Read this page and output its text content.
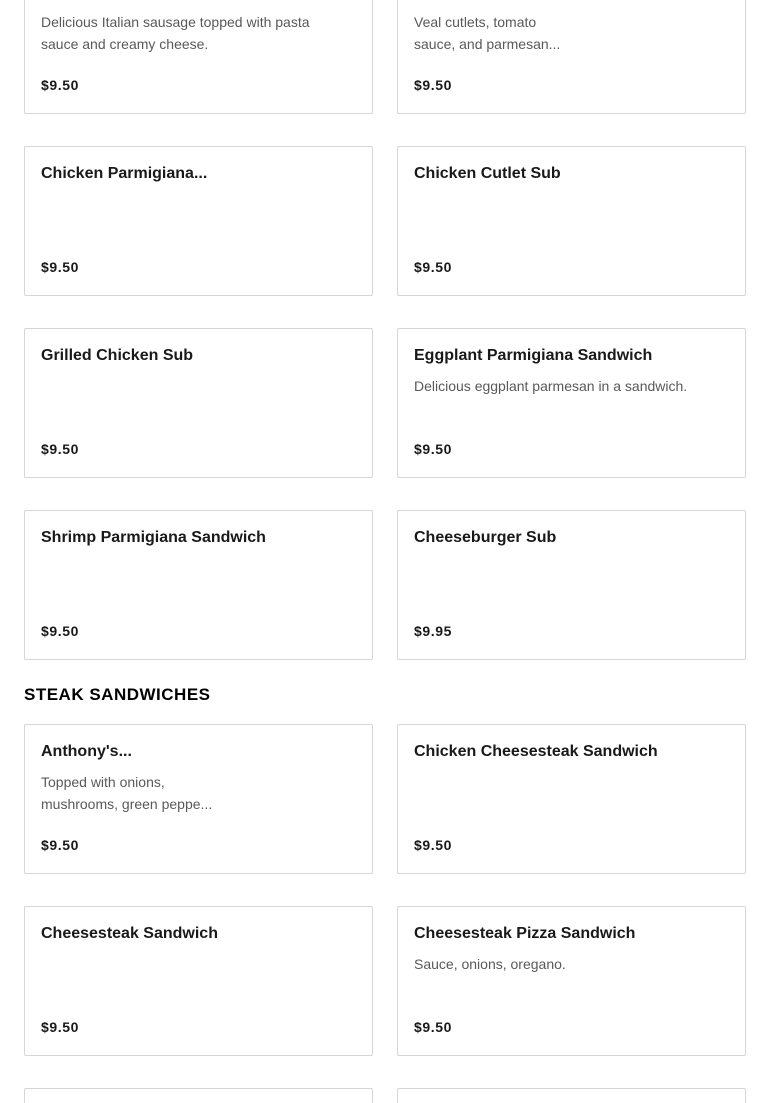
Delicious Italian sausage topped with pasta
sauce and creamy cheese.
$9.50
Veal cutlets, tomato
sauce, and parmesan...
$9.50
Chicken Parmigiana...
$9.50
Chicken Cutlet Sub
$9.50
Grilled Chicken Sub
$9.50
Eggplant Parmigiana Sandwich
Delicious eggplant parmesan in a sandwich.
$9.50
Shrimp Parmigiana Sandwich
$9.50
Cheeseburger Sub
$9.95
STEAK SANDWICHES
Anthony's...
Topped with onions,
mushrooms, green peppe...
$9.50
Chicken Cheesesteak Sandwich
$9.50
Cheesesteak Sandwich
$9.50
Cheesesteak Pizza Sandwich
Sauce, onions, oregano.
$9.50
